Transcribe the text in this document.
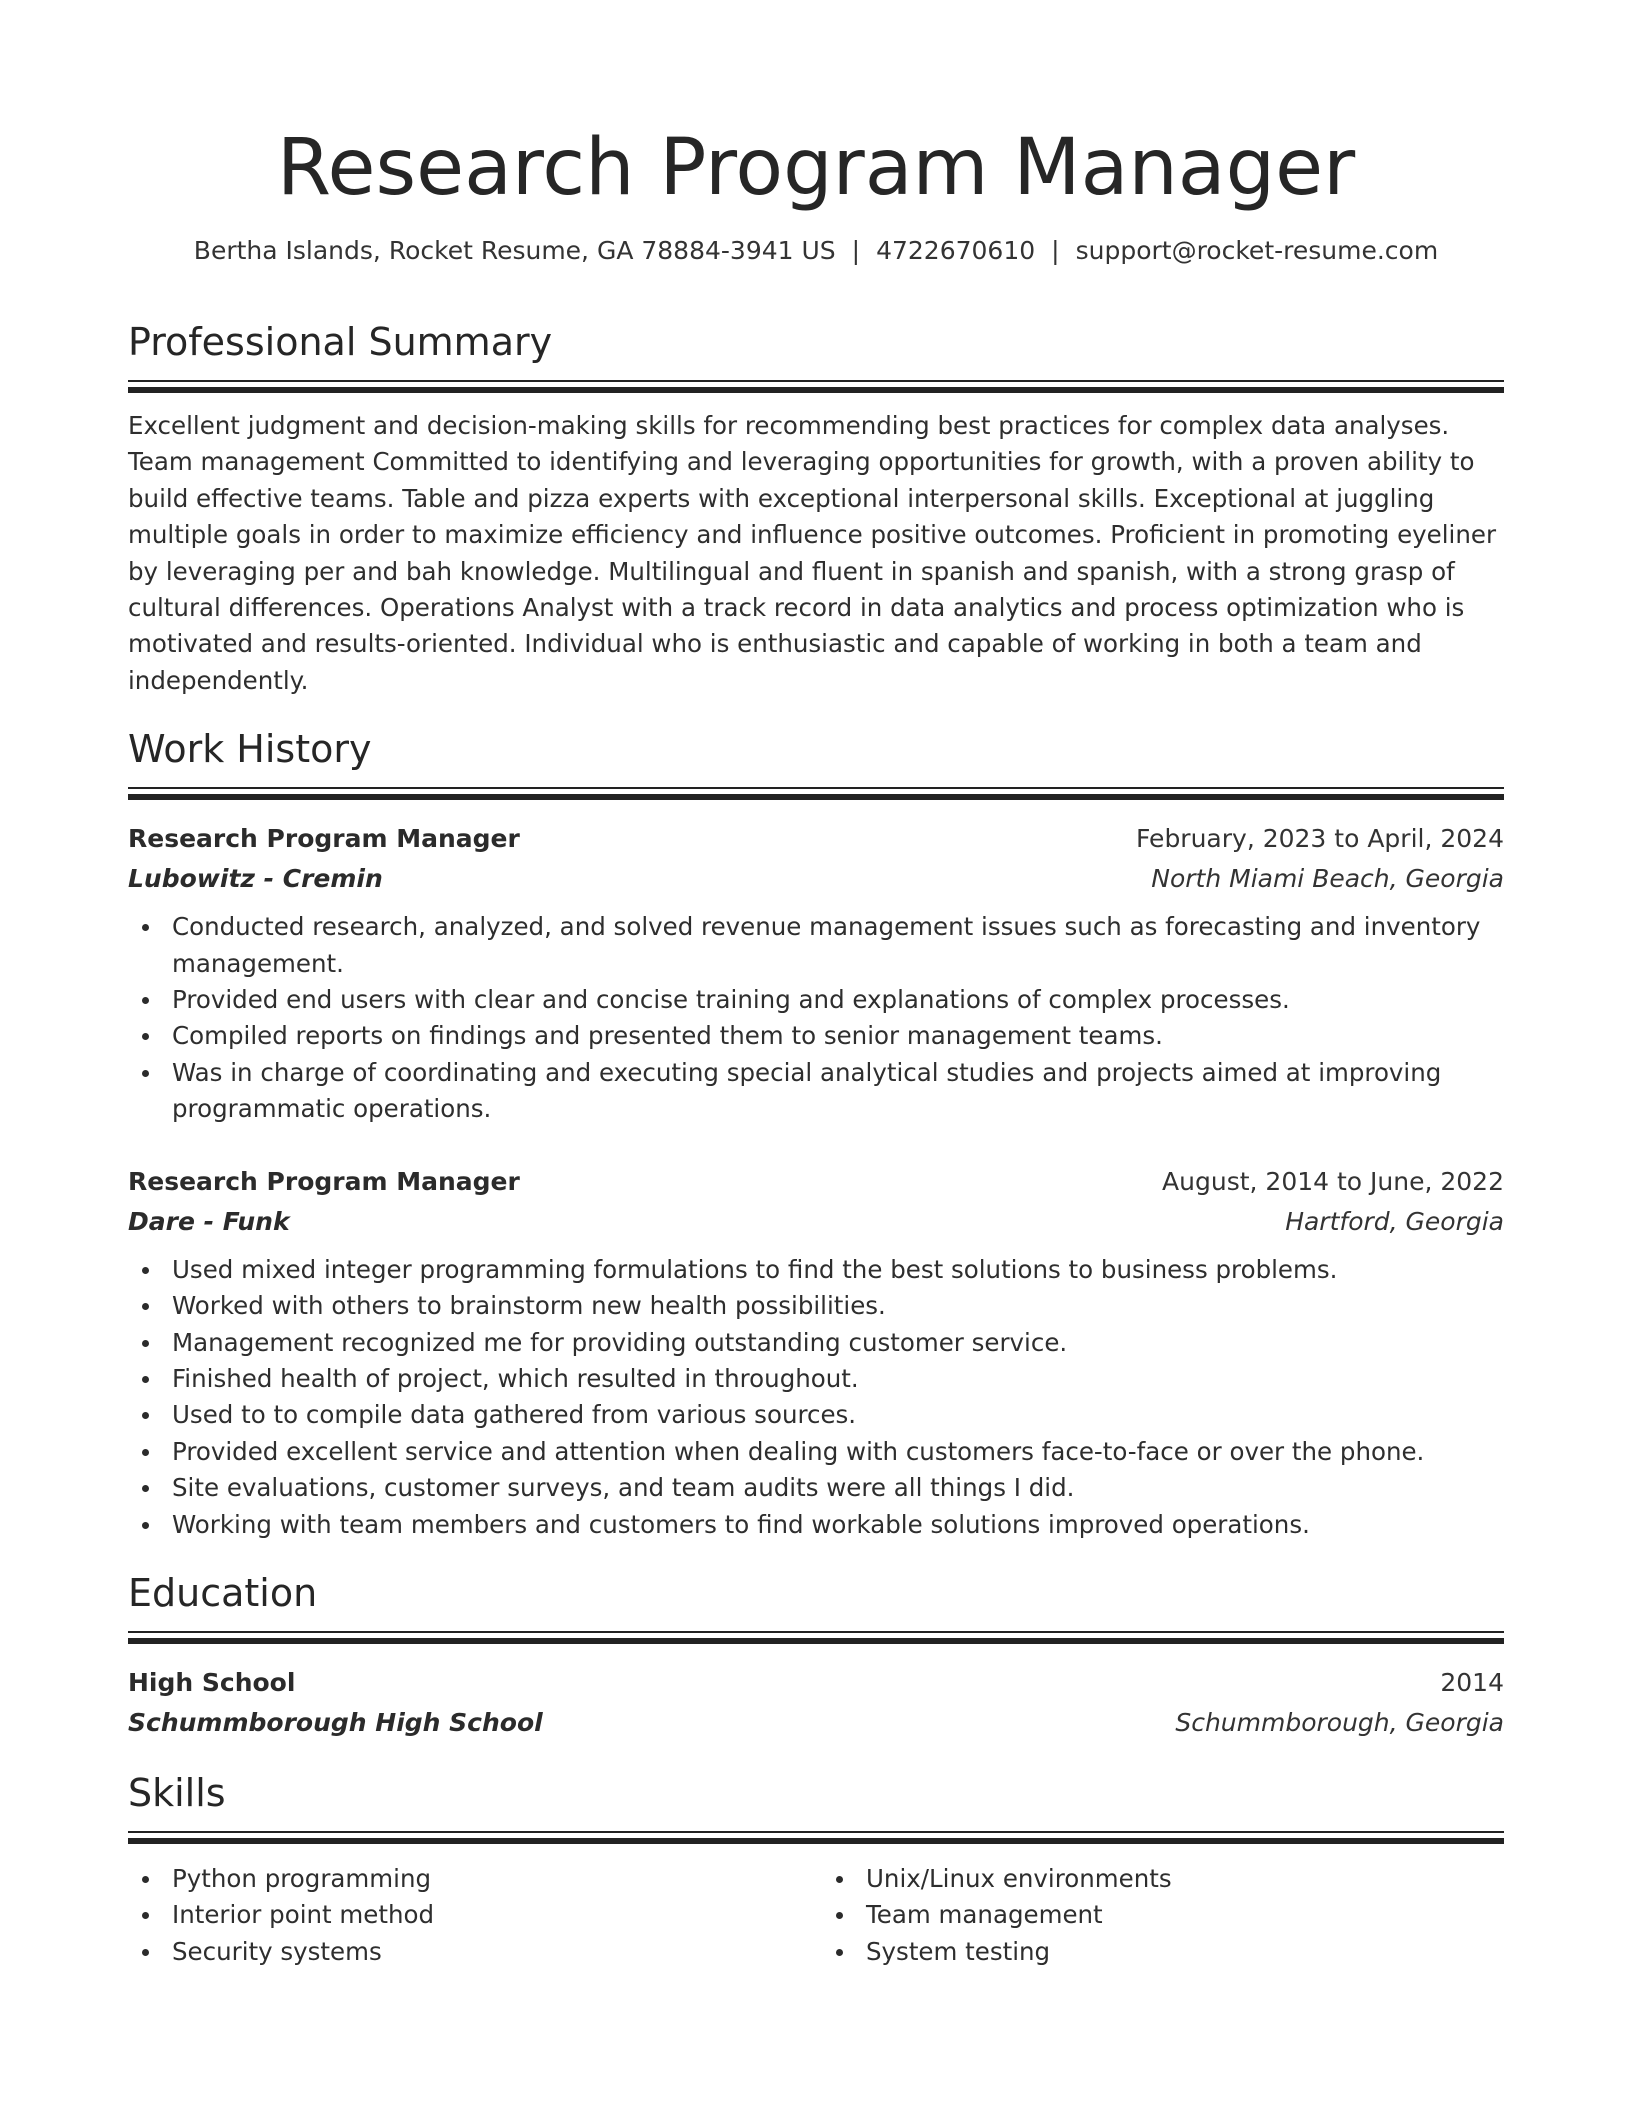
Research Program Manager
Bertha Islands, Rocket Resume, GA 78884-3941 US | 4722670610 | support@rocket-resume.com
Professional Summary

Excellent judgment and decision-making skills for recommending best practices for complex data analyses. Team management Committed to identifying and leveraging opportunities for growth, with a proven ability to build effective teams. Table and pizza experts with exceptional interpersonal skills. Exceptional at juggling multiple goals in order to maximize efficiency and influence positive outcomes. Proficient in promoting eyeliner by leveraging per and bah knowledge. Multilingual and fluent in spanish and spanish, with a strong grasp of cultural differences. Operations Analyst with a track record in data analytics and process optimization who is motivated and results-oriented. Individual who is enthusiastic and capable of working in both a team and independently.

Work History
Research Program Manager	February, 2023 to April, 2024
Lubowitz - Cremin	North Miami Beach, Georgia
Conducted research, analyzed, and solved revenue management issues such as forecasting and inventory management.
Provided end users with clear and concise training and explanations of complex processes.
Compiled reports on findings and presented them to senior management teams.
Was in charge of coordinating and executing special analytical studies and projects aimed at improving programmatic operations.
Research Program Manager	August, 2014 to June, 2022
Dare - Funk	Hartford, Georgia
Used mixed integer programming formulations to find the best solutions to business problems.
Worked with others to brainstorm new health possibilities.
Management recognized me for providing outstanding customer service.
Finished health of project, which resulted in throughout.
Used to to compile data gathered from various sources.
Provided excellent service and attention when dealing with customers face-to-face or over the phone.
Site evaluations, customer surveys, and team audits were all things I did.
Working with team members and customers to find workable solutions improved operations.
Education
High School	2014
Schummborough High School	Schummborough, Georgia
Skills
Python programming
Interior point method
Security systems
Unix/Linux environments
Team management
System testing
